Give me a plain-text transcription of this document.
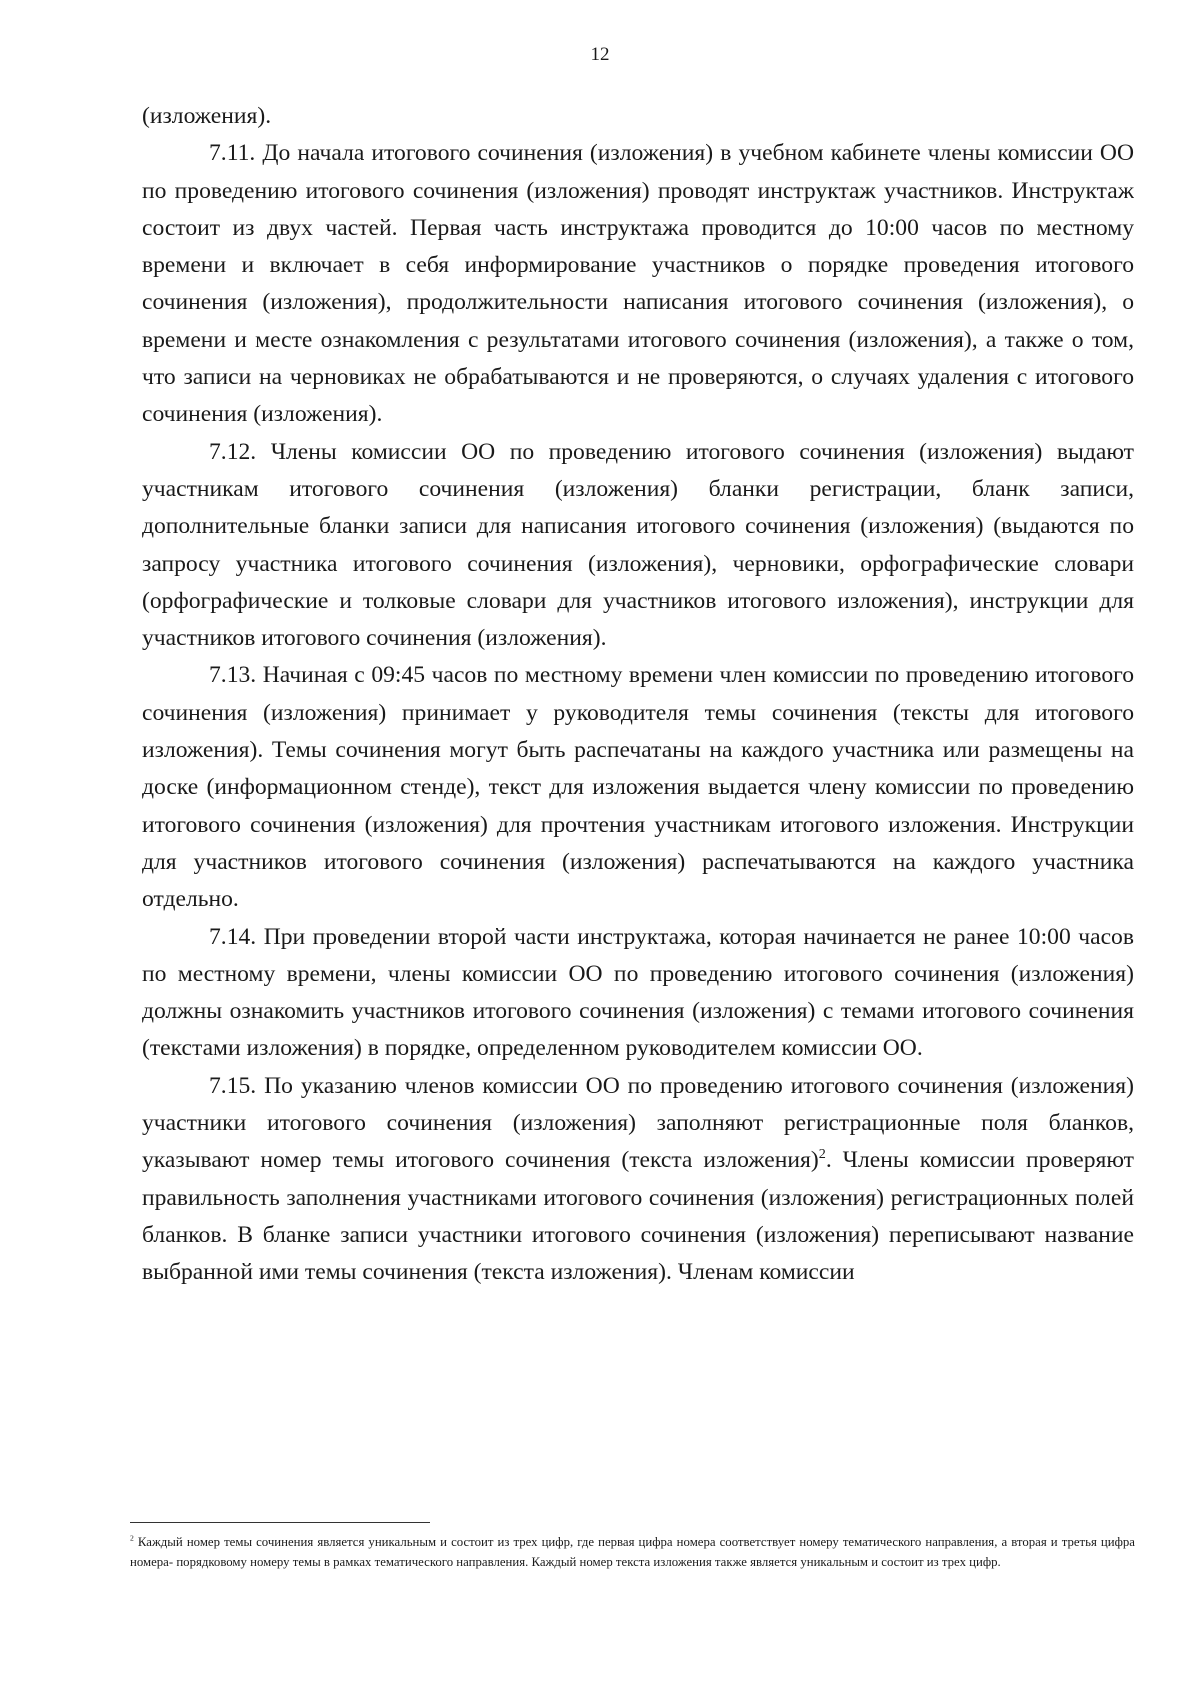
12

(изложения).

7.11. До начала итогового сочинения (изложения) в учебном кабинете члены комиссии ОО по проведению итогового сочинения (изложения) проводят инструктаж участников. Инструктаж состоит из двух частей. Первая часть инструктажа проводится до 10:00 часов по местному времени и включает в себя информирование участников о порядке проведения итогового сочинения (изложения), продолжительности написания итогового сочинения (изложения), о времени и месте ознакомления с результатами итогового сочинения (изложения), а также о том, что записи на черновиках не обрабатываются и не проверяются, о случаях удаления с итогового сочинения (изложения).

7.12. Члены комиссии ОО по проведению итогового сочинения (изложения) выдают участникам итогового сочинения (изложения) бланки регистрации, бланк записи, дополнительные бланки записи для написания итогового сочинения (изложения) (выдаются по запросу участника итогового сочинения (изложения), черновики, орфографические словари (орфографические и толковые словари для участников итогового изложения), инструкции для участников итогового сочинения (изложения).

7.13. Начиная с 09:45 часов по местному времени член комиссии по проведению итогового сочинения (изложения) принимает у руководителя темы сочинения (тексты для итогового изложения). Темы сочинения могут быть распечатаны на каждого участника или размещены на доске (информационном стенде), текст для изложения выдается члену комиссии по проведению итогового сочинения (изложения) для прочтения участникам итогового изложения. Инструкции для участников итогового сочинения (изложения) распечатываются на каждого участника отдельно.

7.14. При проведении второй части инструктажа, которая начинается не ранее 10:00 часов по местному времени, члены комиссии ОО по проведению итогового сочинения (изложения) должны ознакомить участников итогового сочинения (изложения) с темами итогового сочинения (текстами изложения) в порядке, определенном руководителем комиссии ОО.

7.15. По указанию членов комиссии ОО по проведению итогового сочинения (изложения) участники итогового сочинения (изложения) заполняют регистрационные поля бланков, указывают номер темы итогового сочинения (текста изложения)$^2$. Члены комиссии проверяют правильность заполнения участниками итогового сочинения (изложения) регистрационных полей бланков. В бланке записи участники итогового сочинения (изложения) переписывают название выбранной ими темы сочинения (текста изложения). Членам комиссии

$^2$ Каждый номер темы сочинения является уникальным и состоит из трех цифр, где первая цифра номера соответствует номеру тематического направления, а вторая и третья цифра номера- порядковому номеру темы в рамках тематического направления. Каждый номер текста изложения также является уникальным и состоит из трех цифр.
